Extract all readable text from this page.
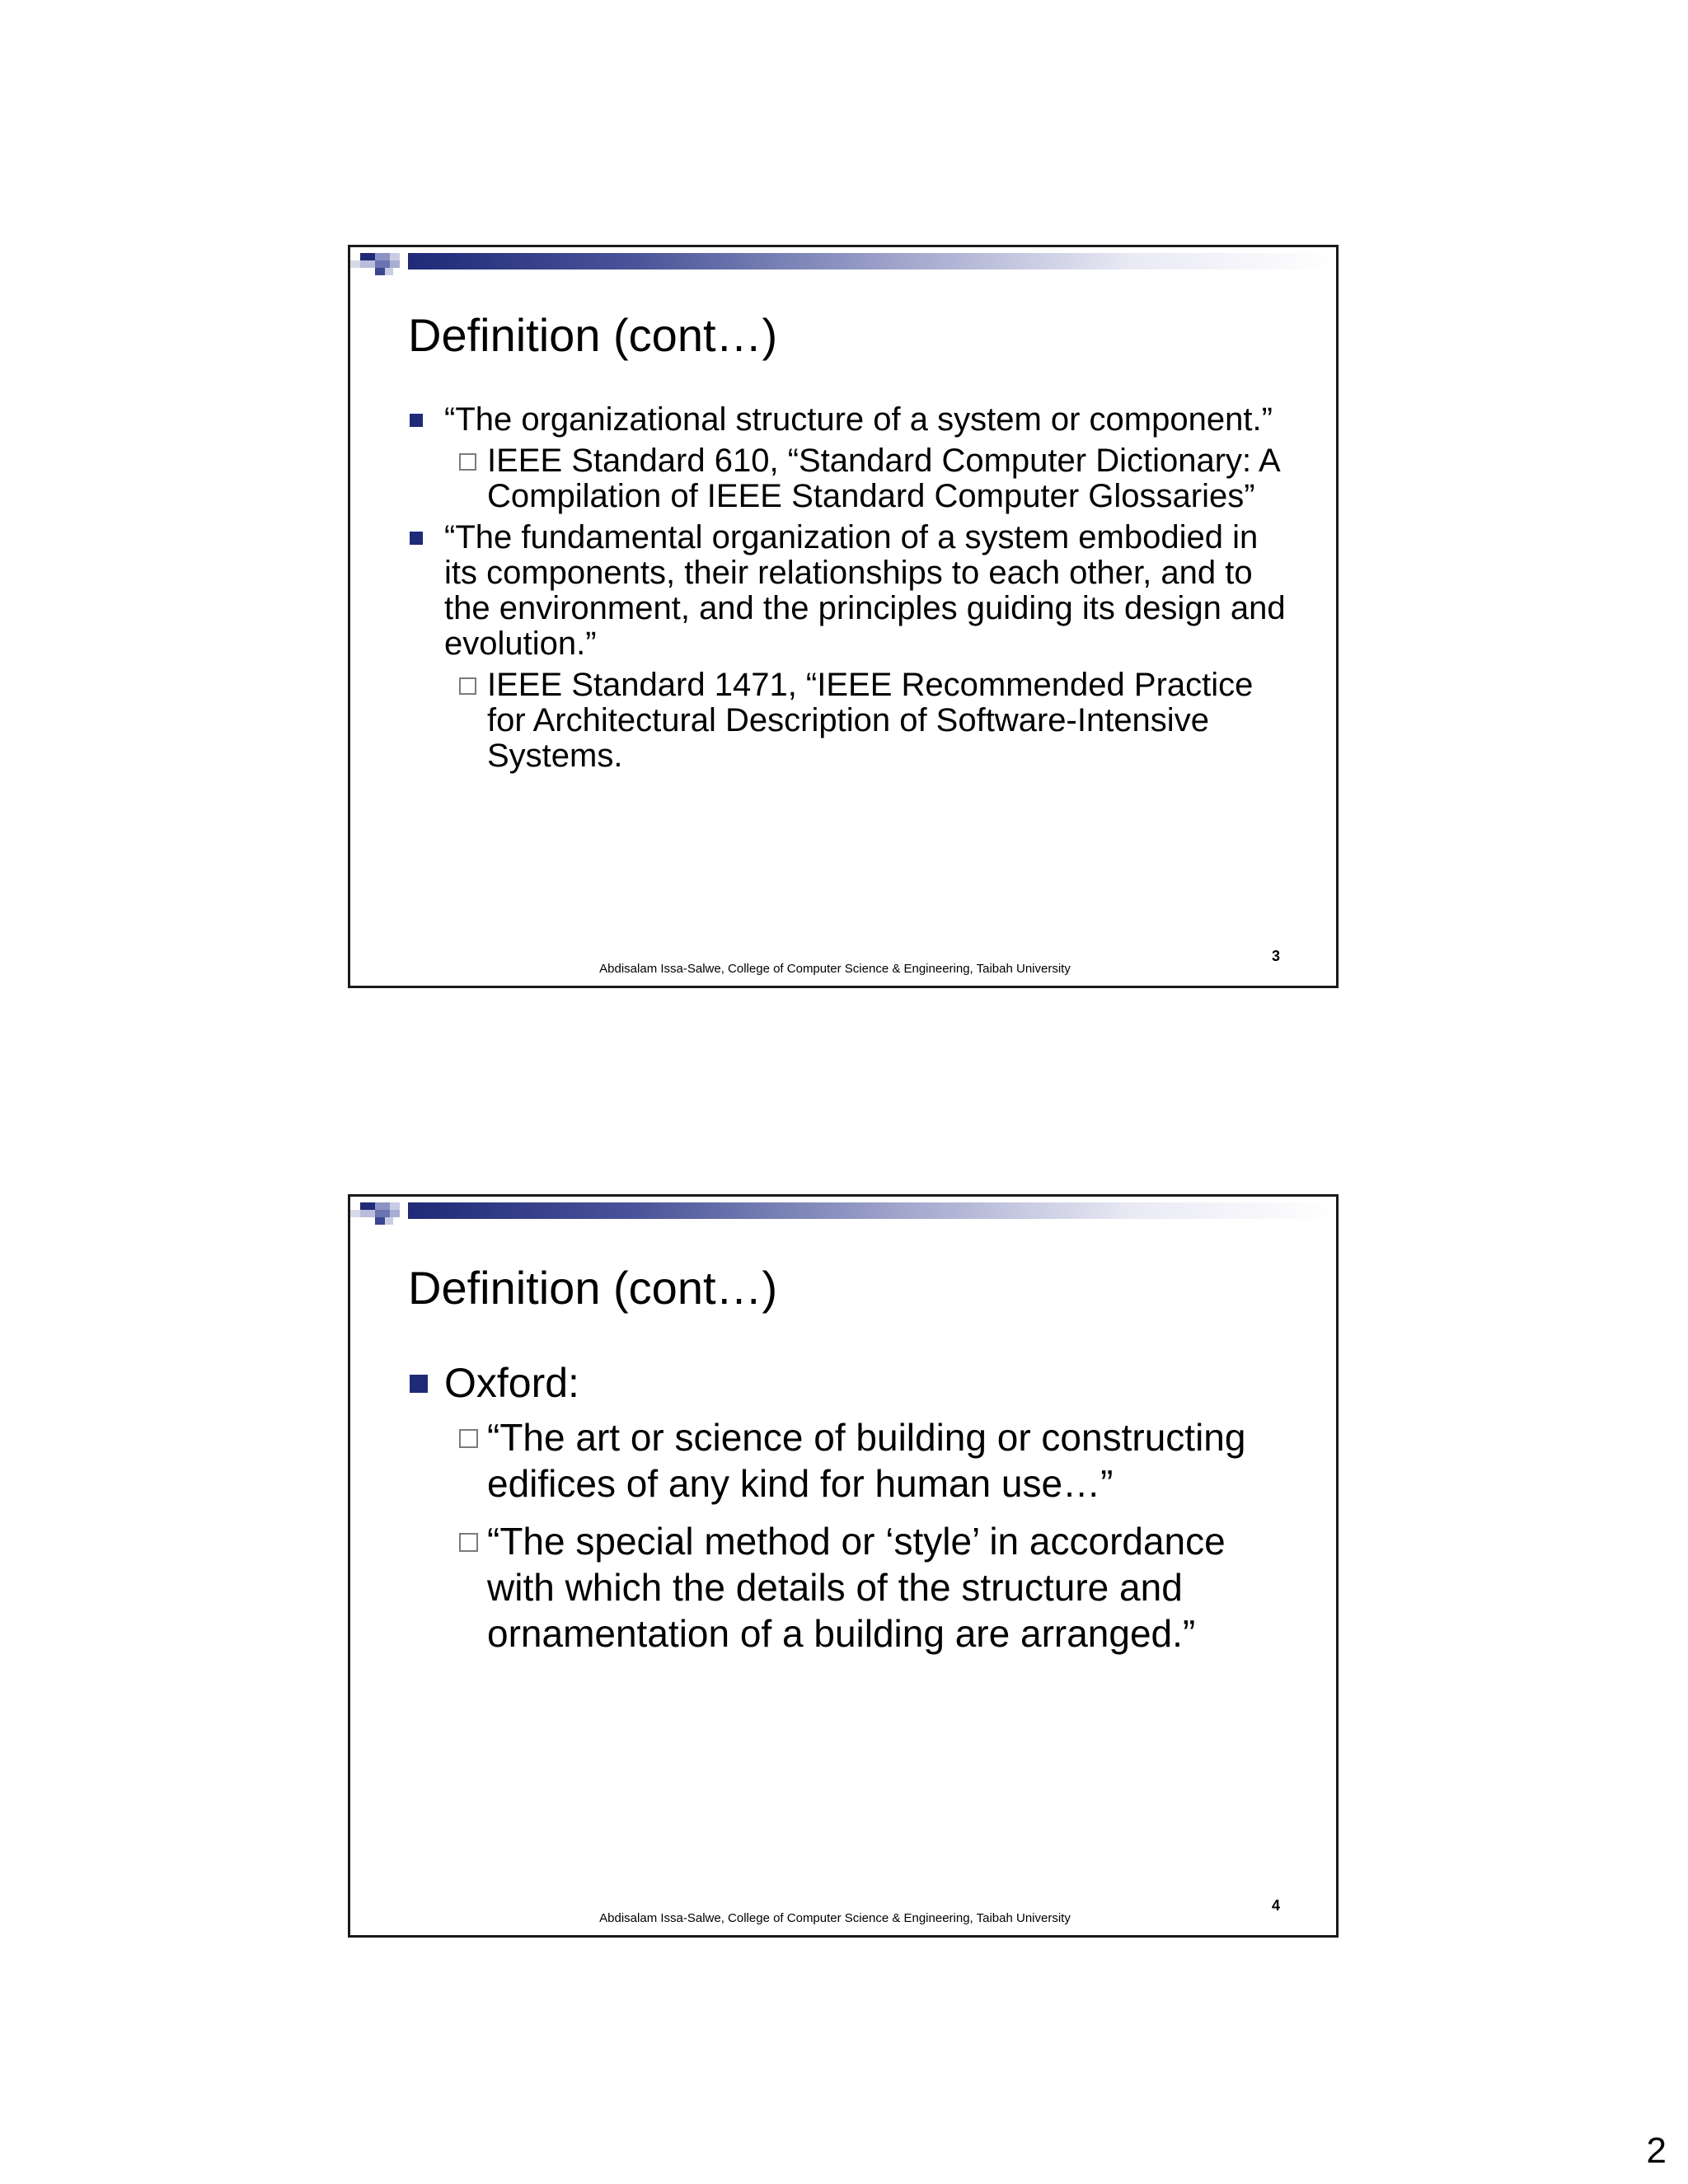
Definition (cont…)
“The organizational structure of a system or component.”
IEEE Standard 610, “Standard Computer Dictionary: A Compilation of IEEE Standard Computer Glossaries”
“The fundamental organization of a system embodied in its components, their relationships to each other, and to the environment, and the principles guiding its design and evolution.”
IEEE Standard 1471, “IEEE Recommended Practice for Architectural Description of Software-Intensive Systems.
Abdisalam Issa-Salwe, College of Computer Science & Engineering, Taibah University
3
Definition (cont…)
Oxford:
“The art or science of building or constructing edifices of any kind for human use…”
“The special method or ‘style’ in accordance with which the details of the structure and ornamentation of a building are arranged.”
Abdisalam Issa-Salwe, College of Computer Science & Engineering, Taibah University
4
2
